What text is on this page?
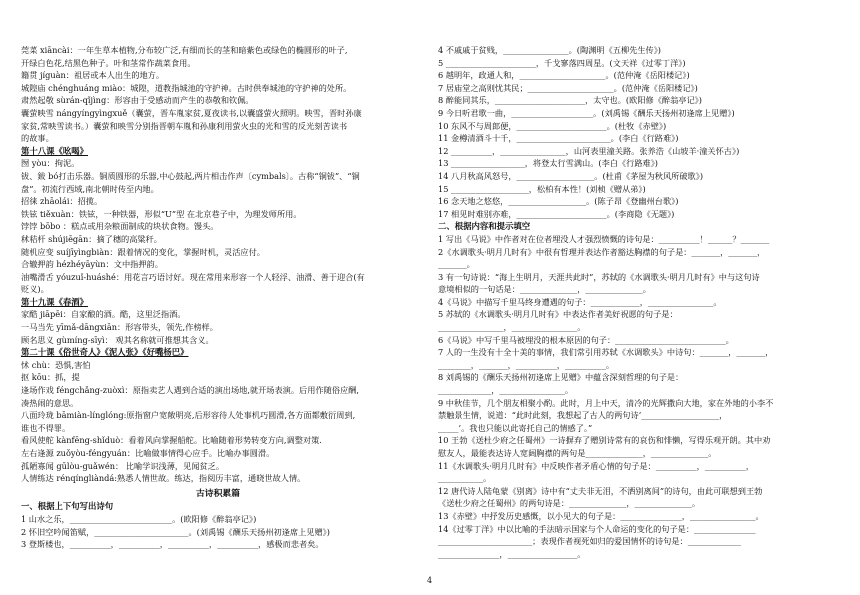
莞菜 xiāncài：一年生草本植物,分布较广泛,有细而长的茎和暗紫色或绿色的椭圆形的叶子,
开绿白色花,结黑色种子。叶和茎常作蔬菜食用。
籍贯 jíguàn：祖居或本人出生的地方。
城隍庙 chénghuáng miào：城隍，道教指城池的守护神。古时供奉城池的守护神的处所。
肃然起敬 sùrán-qǐjìng：形容由于受感动而产生的恭敬和钦佩。
囊萤映雪 nángyíngyìngxuě（囊萤，晋车胤家贫,夏夜读书,以囊盛萤火照明。映雪，晋时孙康
家贫,常映雪读书。）囊萤和映雪分别指晋朝车胤和孙康利用萤火虫的光和雪的反光刻苦读书
的故事。
第十八课《吆喝》
囫 yòu：拘泥。
钹、鈸 bó打击乐器。铜质圆形的乐器,中心鼓起,两片相击作声〔cymbals〕。古称“铜钹”、“铜
盘”。初流行西域,南北朝时传至内地。
招徕 zhāolái：招揽。
铁铉 tiěxuàn：铁铉，一种铁器，形似“U”型 在北京巷子中，为理发师所用。
饽饽 bōbo ：糕点或用杂粮面制成的块状食物。馒头。
秫秸杆 shújiēgān：摘了穗的高粱秆。
随机应变 suíjīyìngbiàn：跟着情况的变化，掌握时机，灵活应付。
合辙押韵 hézhéyāyùn：文中指押韵。
油嘴滑舌 yóuzuǐ-huáshé：用花言巧语讨好。现在常用来形容一个人轻浮、油滑、善于迎合(有
贬义)。
第十九课《春酒》
家酷 jiāpēi：自家酿的酒。酷，这里泛指酒。
一马当先 yīmǎ-dāngxiān：形容带头，领先,作榜样。
顾名思义 gùmíng-sīyì： 观其名称就可推想其含义。
第二十课《俗世奇人》《泥人张》《好嘴杨巴》
怵 chù：恐惧,害怕
抠 kōu：抓，提
逢场作戏 féngchǎng-zuòxì：原指卖艺人遇到合适的演出场地,就开场表演。后用作随俗应酬,
凑热闹的意思。
八面玲珑 bāmiàn-línglóng:原指窗户宽敞明亮,后形容待人处事机巧圆滑,各方面都敷衍周到,
谁也不得罪。
看风使舵 kànfēng-shǐduò：看着风向掌握船舵。比喻随着形势转变方向,调整对策.
左右逢源 zuǒyòu-féngyuán：比喻做事情得心应手。比喻办事圆滑。
孤陋寡闻 gūlòu-guǎwén： 比喻学识浅薄，见闻贫乏。
人情练达 rénqíngliàndá:熟悉人情世故。练达，指阅历丰富，通晓世故人情。
古诗积累篇
一、根据上下句写出诗句
1 山水之乐，_________________________。(欧阳修《醉翁亭记》)
2 怀旧空吟闻笛赋，_______________________。(刘禹锡《酬乐天扬州初逢席上见赠》)
3 登斯楼也，__________，__________，__________，__________，感极而悲者矣。
4 不戚戚于贫贱，________________。(陶渊明《五柳先生传》)
5 ______________________，千戈寥落四周星。(文天祥《过零丁洋》)
6 越明年，政通人和，_____________________。(范仲淹《岳阳楼记》)
7 居庙堂之高则忧其民；_____________________。(范仲淹《岳阳楼记》)
8 醉能同其乐，______________________，太守也。(欧阳修《醉翁亭记》)
9 今日听君歌一曲，____________________。(刘禹锡《酬乐天扬州初逢席上见赠》)
10 东风不与周郎便，______________________。(杜牧《赤壁》)
11 金樽清酒斗十千，_______________________。(李白《行路难》)
12 __________，________________，山河表里潼关路。张养浩《山坡羊·潼关怀古》)
13 __________________，将登太行雪满山。(李白《行路难》)
14 八月秋高风怒号，___________________。(杜甫《茅屋为秋风所破歌》)
15 ___________________，松柏有本性！(刘桢《赠从弟》)
16 念天地之悠悠，___________________。(陈子昂《登幽州台歌》)
17 相见时难别亦难，______________________。(李商隐《无题》)
二、根据内容和提示填空
1 写出《马说》中作者对在位者埋没人才强烈愤慨的诗句是：__________！______？_______
2《水调歌头·明月几时有》中很有哲理并表达作者豁达胸襟的句子是：_______，_______，
_______。
3 有一句诗说：“海上生明月，天涯共此时”，苏轼的《水调歌头·明月几时有》中与这句诗
意境相似的一句话是：______________，______________。
4《马说》中描写千里马终身遭遇的句子：____________，________________。
5 苏轼的《水调歌头·明月几时有》中表达作者美好祝愿的句子是：
________________，________________。
6《马说》中写千里马被埋没的根本原因的句子：___________________________。
7 人的一生没有十全十美的事情，我们常引用苏轼《水调歌头》中诗句：_______，_______，
________，_______，__________，__________。
8 刘禹锡的《酬乐天扬州初逢席上见赠》中蕴含深刻哲理的句子是：
_____________，________________。
9 中秋佳节，几个朋友相聚小酌。此时，月上中天，清冷的光辉撒向大地，家在外地的小李不
禁触景生情，说道：“此时此刻，我想起了古人的两句诗‘___________________，
_____’。我也只能以此寄托自己的情感了。”
10 王勃《送杜少府之任蜀州》一诗摒弃了赠别诗常有的哀伤和悱懒，写得乐观开朗。其中劝
慰友人，最能表达诗人宽阔胸襟的两句是______________，______________。
11《水调歌头·明月几时有》中反映作者矛盾心情的句子是：__________，__________，
___________。
12 唐代诗人陆龟蒙《别离》诗中有“丈夫非无泪，不洒别离间”的诗句，由此可联想到王勃
《送杜少府之任蜀州》的两句诗是：______________，______________。
13《赤壁》中抒发历史感慨，以小见大的句子是：_______________，________________。
14《过零丁洋》中以比喻的手法暗示国家与个人命运的变化的句子是：_______________
_______________________；表现作者视死如归的爱国情怀的诗句是：_____________
_______________，_________________。
4
